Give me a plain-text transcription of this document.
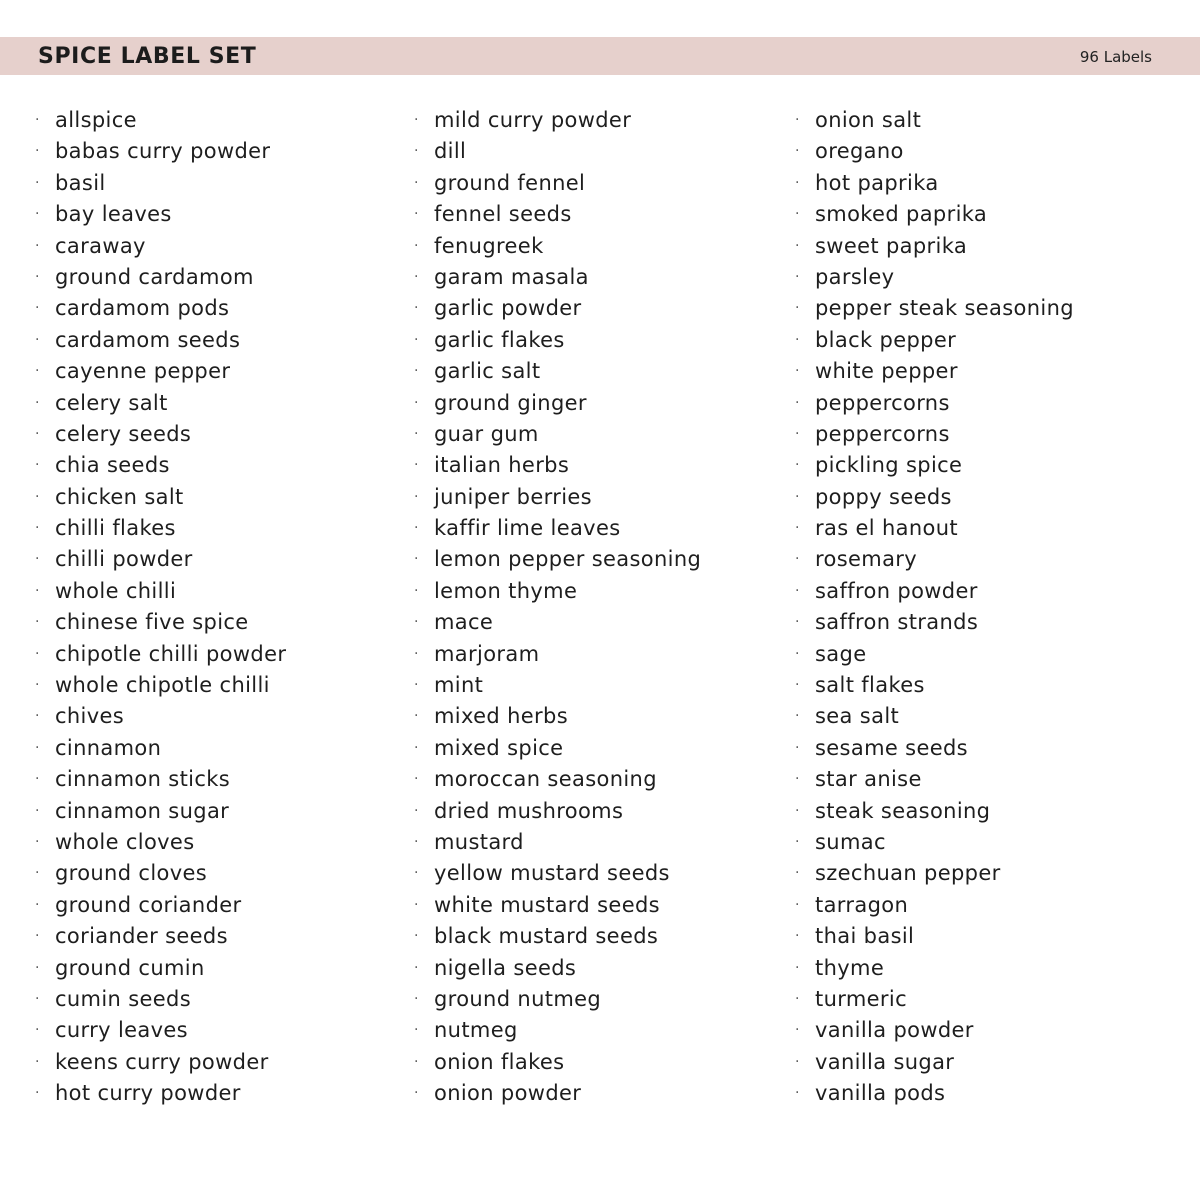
SPICE LABEL SET	96 Labels
· allspice
· babas curry powder
· basil
· bay leaves
· caraway
· ground cardamom
· cardamom pods
· cardamom seeds
· cayenne pepper
· celery salt
· celery seeds
· chia seeds
· chicken salt
· chilli flakes
· chilli powder
· whole chilli
· chinese five spice
· chipotle chilli powder
· whole chipotle chilli
· chives
· cinnamon
· cinnamon sticks
· cinnamon sugar
· whole cloves
· ground cloves
· ground coriander
· coriander seeds
· ground cumin
· cumin seeds
· curry leaves
· keens curry powder
· hot curry powder
· mild curry powder
· dill
· ground fennel
· fennel seeds
· fenugreek
· garam masala
· garlic powder
· garlic flakes
· garlic salt
· ground ginger
· guar gum
· italian herbs
· juniper berries
· kaffir lime leaves
· lemon pepper seasoning
· lemon thyme
· mace
· marjoram
· mint
· mixed herbs
· mixed spice
· moroccan seasoning
· dried mushrooms
· mustard
· yellow mustard seeds
· white mustard seeds
· black mustard seeds
· nigella seeds
· ground nutmeg
· nutmeg
· onion flakes
· onion powder
· onion salt
· oregano
· hot paprika
· smoked paprika
· sweet paprika
· parsley
· pepper steak seasoning
· black pepper
· white pepper
· peppercorns
· peppercorns
· pickling spice
· poppy seeds
· ras el hanout
· rosemary
· saffron powder
· saffron strands
· sage
· salt flakes
· sea salt
· sesame seeds
· star anise
· steak seasoning
· sumac
· szechuan pepper
· tarragon
· thai basil
· thyme
· turmeric
· vanilla powder
· vanilla sugar
· vanilla pods
